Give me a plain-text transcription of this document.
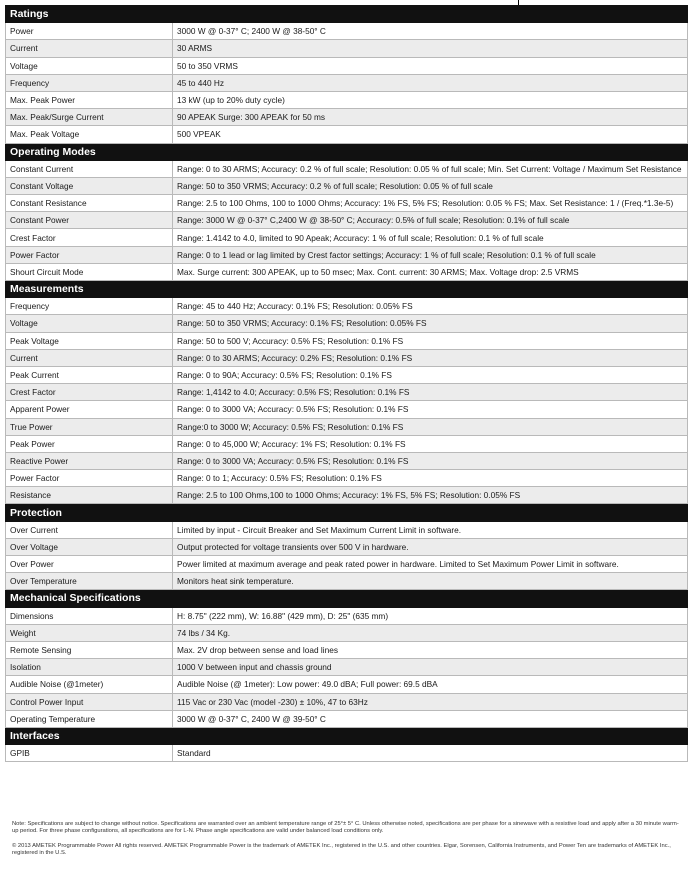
Ratings	
Power	3000 W @ 0-37° C; 2400 W @ 38-50° C
Current	30 ARMS
Voltage	50 to 350 VRMS
Frequency	45 to 440 Hz
Max. Peak Power	13 kW (up to 20% duty cycle)
Max. Peak/Surge Current	90 APEAK Surge: 300 APEAK for 50 ms
Max. Peak Voltage	500 VPEAK
Operating Modes	
Constant Current	Range: 0 to 30 ARMS; Accuracy: 0.2 % of full scale; Resolution: 0.05 % of full scale; Min. Set Current: Voltage / Maximum Set Resistance
Constant Voltage	Range: 50 to 350 VRMS; Accuracy: 0.2 % of full scale; Resolution: 0.05 % of full scale
Constant Resistance	Range: 2.5 to 100 Ohms, 100 to 1000 Ohms; Accuracy: 1% FS, 5% FS; Resolution: 0.05 % FS; Max. Set Resistance: 1 / (Freq.*1.3e-5)
Constant Power	Range: 3000 W @ 0-37° C,2400 W @ 38-50° C; Accuracy: 0.5% of full scale; Resolution: 0.1% of full scale
Crest Factor	Range: 1.4142 to 4.0, limited to 90 Apeak; Accuracy: 1 % of full scale; Resolution: 0.1 % of full scale
Power Factor	Range: 0 to 1 lead or lag limited by Crest factor settings; Accuracy: 1 % of full scale; Resolution: 0.1 % of full scale
Shourt Circuit Mode	Max. Surge current: 300 APEAK, up to 50 msec; Max. Cont. current: 30 ARMS; Max. Voltage drop: 2.5 VRMS
Measurements	
Frequency	Range: 45 to 440 Hz; Accuracy: 0.1% FS; Resolution: 0.05% FS
Voltage	Range: 50 to 350 VRMS; Accuracy: 0.1% FS; Resolution: 0.05% FS
Peak Voltage	Range: 50 to 500 V; Accuracy: 0.5% FS; Resolution: 0.1% FS
Current	Range: 0 to 30 ARMS; Accuracy: 0.2% FS; Resolution: 0.1% FS
Peak Current	Range: 0 to 90A; Accuracy: 0.5% FS; Resolution: 0.1% FS
Crest Factor	Range: 1,4142 to 4.0; Accuracy: 0.5% FS; Resolution: 0.1% FS
Apparent Power	Range: 0 to 3000 VA; Accuracy: 0.5% FS; Resolution: 0.1% FS
True Power	Range:0 to 3000 W; Accuracy: 0.5% FS; Resolution: 0.1% FS
Peak Power	Range: 0 to 45,000 W; Accuracy: 1% FS; Resolution: 0.1% FS
Reactive Power	Range: 0 to 3000 VA; Accuracy: 0.5% FS; Resolution: 0.1% FS
Power Factor	Range: 0 to 1; Accuracy: 0.5% FS; Resolution: 0.1% FS
Resistance	Range: 2.5 to 100 Ohms,100 to 1000 Ohms; Accuracy: 1% FS, 5% FS; Resolution: 0.05% FS
Protection	
Over Current	Limited by input - Circuit Breaker and Set Maximum Current Limit in software.
Over Voltage	Output protected for voltage transients over 500 V in hardware.
Over Power	Power limited at maximum average and peak rated power in hardware. Limited to Set Maximum Power Limit in software.
Over Temperature	Monitors heat sink temperature.
Mechanical Specifications	
Dimensions	H: 8.75" (222 mm), W: 16.88" (429 mm), D: 25" (635 mm)
Weight	74 lbs / 34 Kg.
Remote Sensing	Max. 2V drop between sense and load lines
Isolation	1000 V between input and chassis ground
Audible Noise (@1meter)	Audible Noise (@ 1meter): Low power: 49.0 dBA; Full power: 69.5 dBA
Control Power Input	115 Vac or 230 Vac (model -230) ± 10%, 47 to 63Hz
Operating Temperature	3000 W @ 0-37° C, 2400 W @ 39-50° C
Interfaces	
GPIB	Standard

Note: Specifications are subject to change without notice. Specifications are warranted over an ambient temperature range of 25°± 5° C. Unless otherwise noted, specifications are per phase for a sinewave with a resistive load and apply after a 30 minute warm-up period. For three phase configurations, all specifications are for L-N. Phase angle specifications are valid under balanced load conditions only.

© 2013 AMETEK Programmable Power All rights reserved. AMETEK Programmable Power is the trademark of AMETEK Inc., registered in the U.S. and other countries. Elgar, Sorensen, California Instruments, and Power Ten are trademarks of AMETEK Inc., registered in the U.S.
